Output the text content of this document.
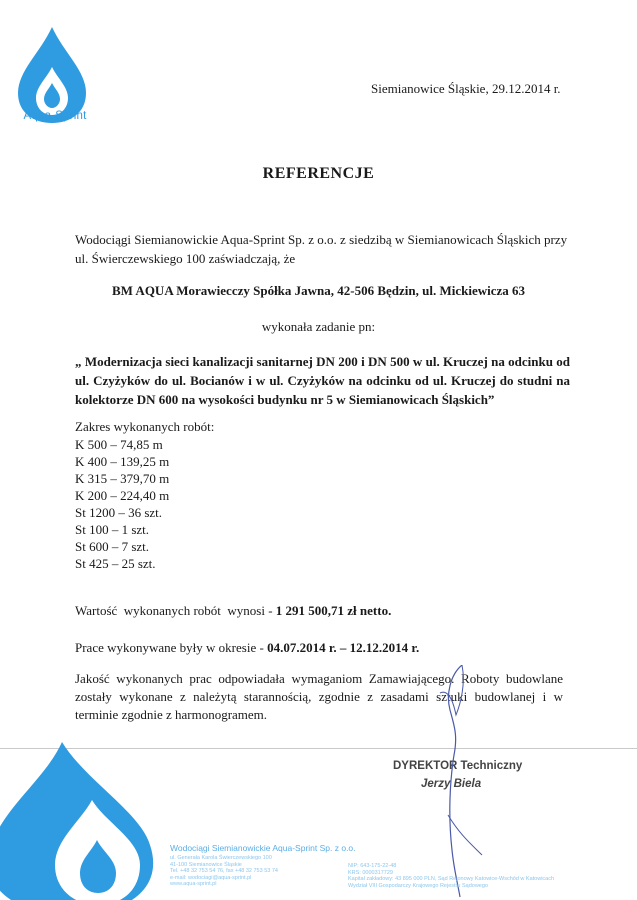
Aqua-Sprint
Siemianowice Śląskie, 29.12.2014 r.
REFERENCJE
Wodociągi Siemianowickie Aqua-Sprint Sp. z o.o. z siedzibą w Siemianowicach Śląskich przy ul. Świerczewskiego 100 zaświadczają, że
BM AQUA Morawiecczy Spółka Jawna, 42-506 Będzin, ul. Mickiewicza 63
wykonała zadanie pn:
„ Modernizacja sieci kanalizacji sanitarnej DN 200 i DN 500 w ul. Kruczej na odcinku od ul. Czyżyków do ul. Bocianów i w ul. Czyżyków na odcinku od ul. Kruczej do studni na kolektorze DN 600 na wysokości budynku nr 5 w Siemianowicach Śląskich”
Zakres wykonanych robót:
K 500 – 74,85 m
K 400 – 139,25 m
K 315 – 379,70 m
K 200 – 224,40 m
St 1200 – 36 szt.
St 100 – 1 szt.
St 600 – 7 szt.
St 425 – 25 szt.
Wartość  wykonanych robót  wynosi - 1 291 500,71 zł netto.
Prace wykonywane były w okresie - 04.07.2014 r. – 12.12.2014 r.
Jakość wykonanych prac odpowiadała wymaganiom Zamawiającego. Roboty budowlane zostały wykonane z należytą starannością, zgodnie z zasadami sztuki budowlanej i w terminie zgodnie z harmonogramem.
DYREKTOR Techniczny
Jerzy Biela
Wodociągi Siemianowickie Aqua-Sprint Sp. z o.o.
ul. Generała Karola Świerczewskiego 100
41-100 Siemianowice Śląskie
Tel. +48 32 753 54 76, fax +48 32 753 53 74
e-mail: wodociagi@aqua-sprint.pl
www.aqua-sprint.pl
NIP: 643-175-22-48
KRS: 0000317729
Kapitał zakładowy: 43 895 000 PLN, Sąd Rejonowy Katowice-Wschód w Katowicach
Wydział VIII Gospodarczy Krajowego Rejestru Sądowego
